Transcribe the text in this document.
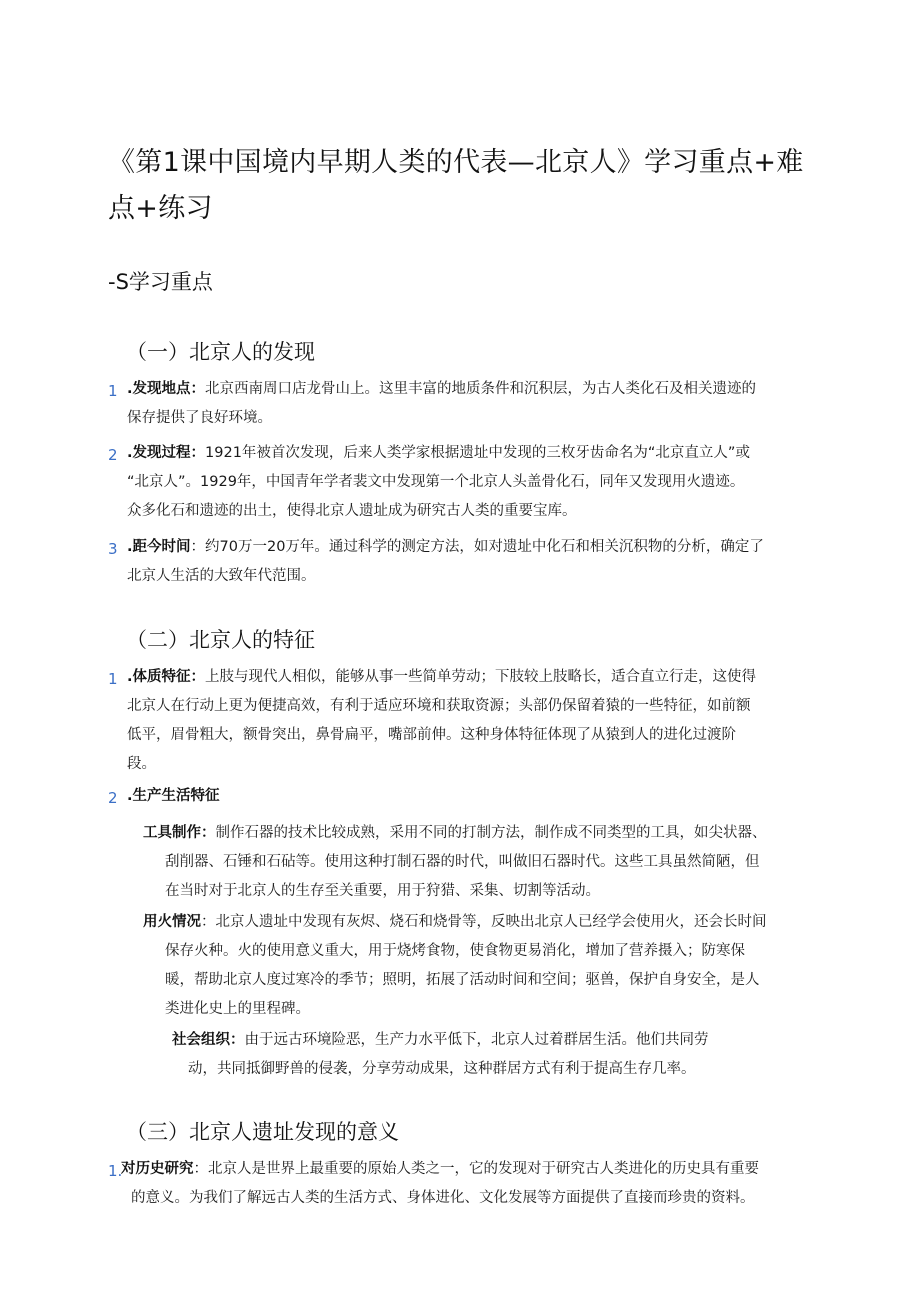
《第1课中国境内早期人类的代表—北京人》学习重点+难
点+练习
-S学习重点
（一）北京人的发现
1 .发现地点：北京西南周口店龙骨山上。这里丰富的地质条件和沉积层，为古人类化石及相关遗迹的
保存提供了良好环境。
2 .发现过程：1921年被首次发现，后来人类学家根据遗址中发现的三枚牙齿命名为“北京直立人”或
“北京人”。1929年，中国青年学者裴文中发现第一个北京人头盖骨化石，同年又发现用火遗迹。
众多化石和遗迹的出土，使得北京人遗址成为研究古人类的重要宝库。
3 .距今时间：约70万一20万年。通过科学的测定方法，如对遗址中化石和相关沉积物的分析，确定了
北京人生活的大致年代范围。
（二）北京人的特征
1 .体质特征：上肢与现代人相似，能够从事一些简单劳动；下肢较上肢略长，适合直立行走，这使得
北京人在行动上更为便捷高效，有利于适应环境和获取资源；头部仍保留着猿的一些特征，如前额
低平，眉骨粗大，额骨突出，鼻骨扁平，嘴部前伸。这种身体特征体现了从猿到人的进化过渡阶
段。
2 .生产生活特征
工具制作：制作石器的技术比较成熟，采用不同的打制方法，制作成不同类型的工具，如尖状器、
刮削器、石锤和石砧等。使用这种打制石器的时代，叫做旧石器时代。这些工具虽然简陋，但
在当时对于北京人的生存至关重要，用于狩猎、采集、切割等活动。
用火情况：北京人遗址中发现有灰烬、烧石和烧骨等，反映出北京人已经学会使用火，还会长时间
保存火种。火的使用意义重大，用于烧烤食物，使食物更易消化，增加了营养摄入；防寒保
暖，帮助北京人度过寒冷的季节；照明，拓展了活动时间和空间；驱兽，保护自身安全，是人
类进化史上的里程碑。
社会组织：由于远古环境险恶，生产力水平低下，北京人过着群居生活。他们共同劳
动，共同抵御野兽的侵袭，分享劳动成果，这种群居方式有利于提高生存几率。
（三）北京人遗址发现的意义
1.
对历史研究：北京人是世界上最重要的原始人类之一，它的发现对于研究古人类进化的历史具有重要
的意义。为我们了解远古人类的生活方式、身体进化、文化发展等方面提供了直接而珍贵的资料。
